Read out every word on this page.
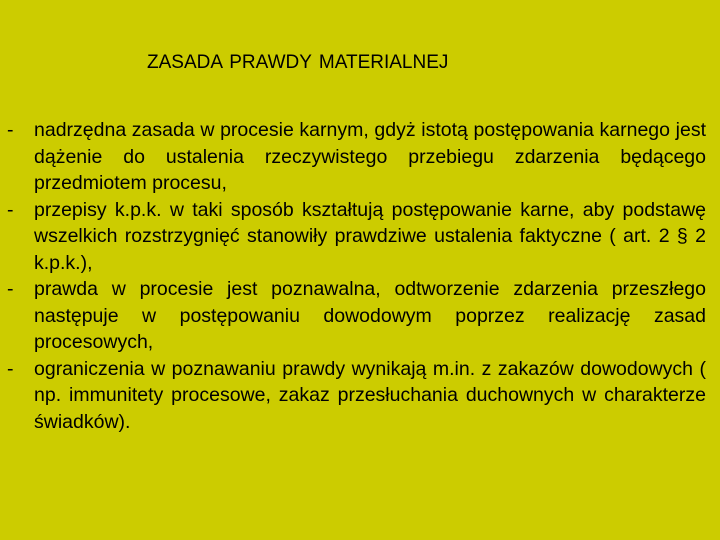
ZASADA PRAWDY MATERIALNEJ
- nadrzędna zasada w procesie karnym, gdyż istotą postępowania karnego jest dążenie do ustalenia rzeczywistego przebiegu zdarzenia będącego przedmiotem procesu,
- przepisy k.p.k. w taki sposób kształtują postępowanie karne, aby podstawę wszelkich rozstrzygnięć stanowiły prawdziwe ustalenia faktyczne ( art. 2 § 2 k.p.k.),
- prawda w procesie jest poznawalna, odtworzenie zdarzenia przeszłego następuje w postępowaniu dowodowym poprzez realizację zasad procesowych,
- ograniczenia w poznawaniu prawdy wynikają m.in. z zakazów dowodowych ( np. immunitety procesowe, zakaz przesłuchania duchownych w charakterze świadków).
